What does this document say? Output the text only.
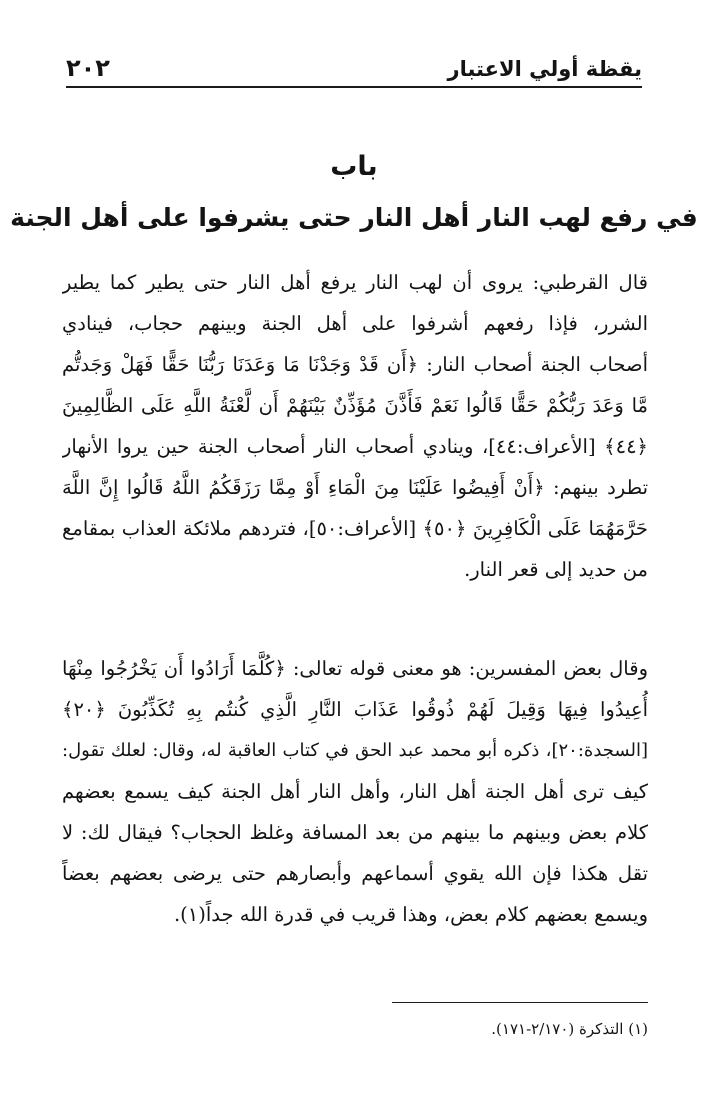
يقظة أولي الاعتبار
٢٠٢
باب
في رفع لهب النار أهل النار حتى يشرفوا على أهل الجنة
قال القرطبي: يروى أن لهب النار يرفع أهل النار حتى يطير كما يطير
الشرر، فإذا رفعهم أشرفوا على أهل الجنة وبينهم حجاب، فينادي
أصحاب الجنة أصحاب النار: ﴿أَن قَدْ وَجَدْنَا مَا وَعَدَنَا رَبُّنَا حَقًّا فَهَلْ وَجَدتُّم
مَّا وَعَدَ رَبُّكُمْ حَقًّا قَالُوا نَعَمْ فَأَذَّنَ مُؤَذِّنٌ بَيْنَهُمْ أَن لَّعْنَةُ اللَّهِ عَلَى الظَّالِمِينَ
﴿٤٤﴾ [الأعراف:٤٤]، وينادي أصحاب النار أصحاب الجنة حين يروا الأنهار
تطرد بينهم: ﴿أَنْ أَفِيضُوا عَلَيْنَا مِنَ الْمَاءِ أَوْ مِمَّا رَزَقَكُمُ اللَّهُ قَالُوا إِنَّ اللَّهَ
حَرَّمَهُمَا عَلَى الْكَافِرِينَ ﴿٥٠﴾ [الأعراف:٥٠]، فتردهم ملائكة العذاب بمقامع
من حديد إلى قعر النار.
وقال بعض المفسرين: هو معنى قوله تعالى: ﴿كُلَّمَا أَرَادُوا أَن يَخْرُجُوا مِنْهَا
أُعِيدُوا فِيهَا وَقِيلَ لَهُمْ ذُوقُوا عَذَابَ النَّارِ الَّذِي كُنتُم بِهِ تُكَذِّبُونَ ﴿٢٠﴾
[السجدة:٢٠]، ذكره أبو محمد عبد الحق في كتاب العاقبة له، وقال: لعلك تقول:
كيف ترى أهل الجنة أهل النار، وأهل النار أهل الجنة كيف يسمع بعضهم
كلام بعض وبينهم ما بينهم من بعد المسافة وغلظ الحجاب؟ فيقال لك: لا
تقل هكذا فإن الله يقوي أسماعهم وأبصارهم حتى يرضى بعضهم بعضاً
ويسمع بعضهم كلام بعض، وهذا قريب في قدرة الله جداً(١).
(١) التذكرة (٢/١٧٠-١٧١).
